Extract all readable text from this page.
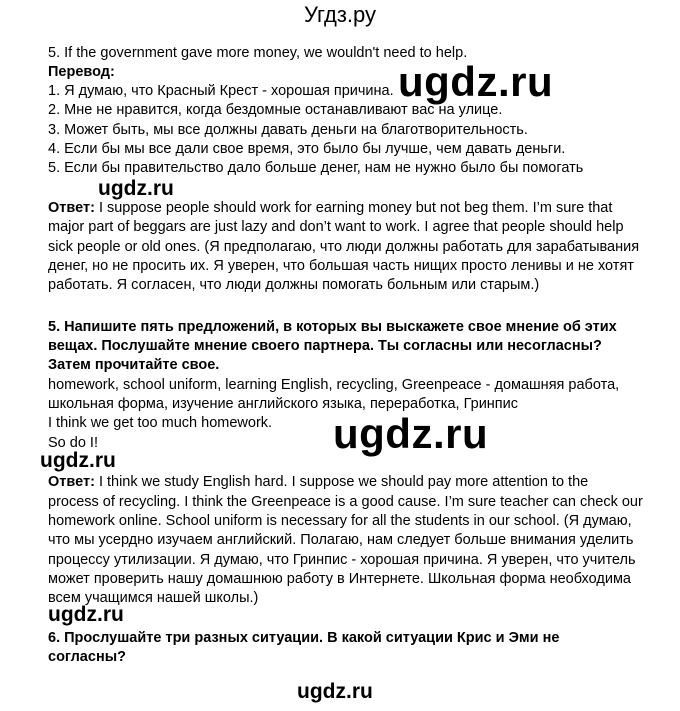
Угдз.ру
5. If the government gave more money, we wouldn't need to help.
Перевод:
1. Я думаю, что Красный Крест - хорошая причина.
2. Мне не нравится, когда бездомные останавливают вас на улице.
3. Может быть, мы все должны давать деньги на благотворительность.
4. Если бы мы все дали свое время, это было бы лучше, чем давать деньги.
5. Если бы правительство дало больше денег, нам не нужно было бы помогать
ugdz.ru
ugdz.ru
Ответ: I suppose people should work for earning money but not beg them. I’m sure that
major part of beggars are just lazy and don’t want to work. I agree that people should help
sick people or old ones. (Я предполагаю, что люди должны работать для зарабатывания
денег, но не просить их. Я уверен, что большая часть нищих просто ленивы и не хотят
работать. Я согласен, что люди должны помогать больным или старым.)
5. Напишите пять предложений, в которых вы выскажете свое мнение об этих
вещах. Послушайте мнение своего партнера. Ты согласны или несогласны?
Затем прочитайте свое.
homework, school uniform, learning English, recycling, Greenpeace - домашняя работа,
школьная форма, изучение английского языка, переработка, Гринпис
I think we get too much homework.
So do I!	ugdz.ru
ugdz.ru
Ответ: I think we study English hard. I suppose we should pay more attention to the
process of recycling. I think the Greenpeace is a good cause. I’m sure teacher can check our
homework online. School uniform is necessary for all the students in our school. (Я думаю,
что мы усердно изучаем английский. Полагаю, нам следует больше внимания уделить
процессу утилизации. Я думаю, что Гринпис - хорошая причина. Я уверен, что учитель
может проверить нашу домашнюю работу в Интернете. Школьная форма необходима
всем учащимся нашей школы.)
ugdz.ru
6. Прослушайте три разных ситуации. В какой ситуации Крис и Эми не
согласны?
ugdz.ru
